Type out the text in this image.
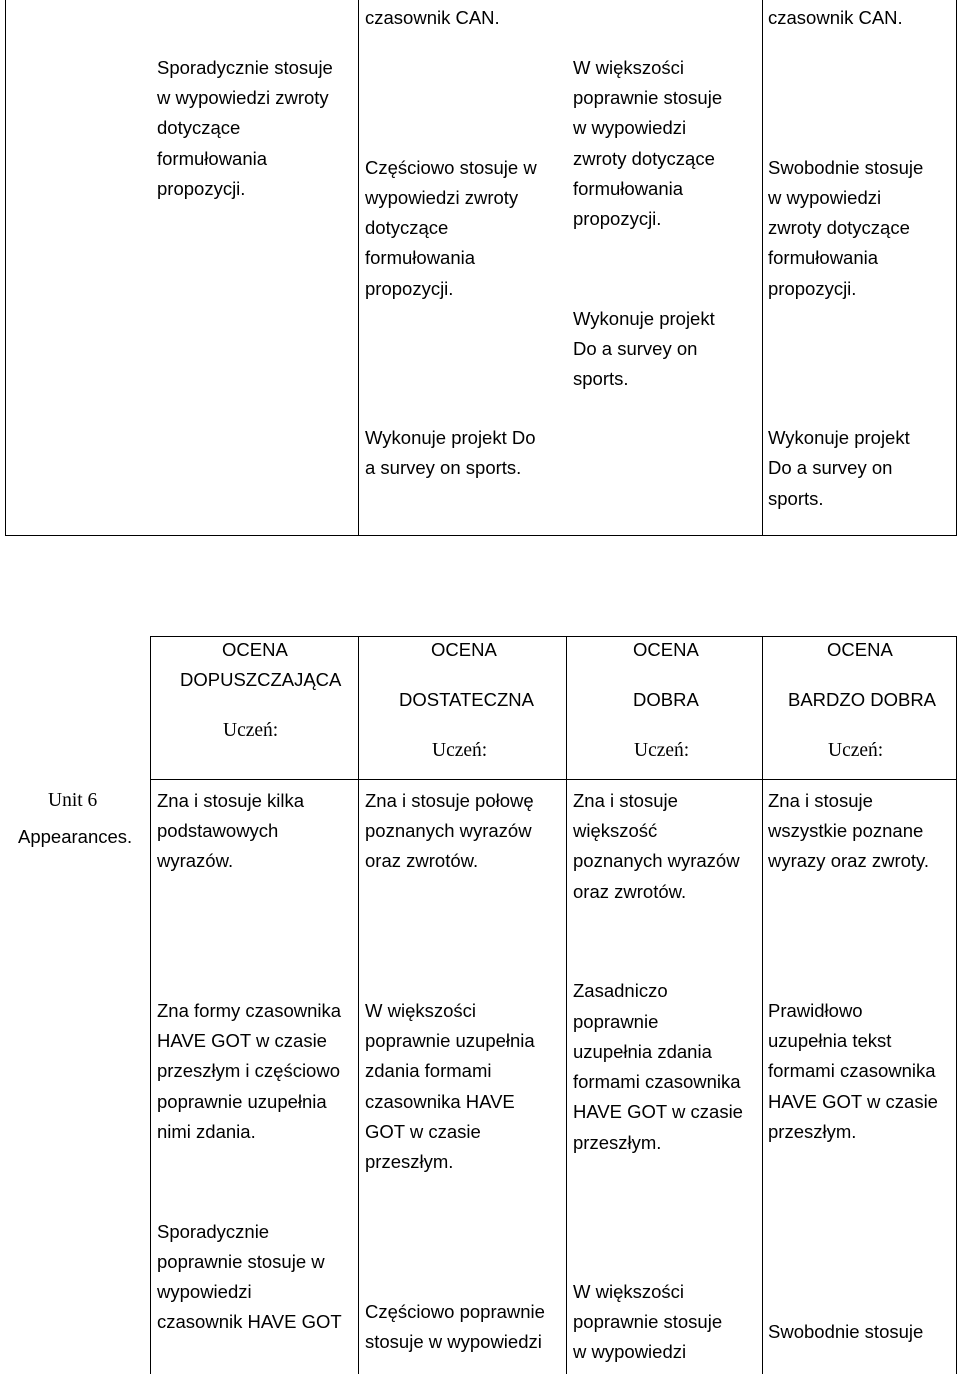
czasownik CAN.	czasownik CAN.
Sporadycznie stosuje
w wypowiedzi zwroty
dotyczące
formułowania
propozycji.
Częściowo stosuje w
wypowiedzi zwroty
dotyczące
formułowania
propozycji.
W większości
poprawnie stosuje
w wypowiedzi
zwroty dotyczące
formułowania
propozycji.
Wykonuje projekt
Do a survey on
sports.
Swobodnie stosuje
w wypowiedzi
zwroty dotyczące
formułowania
propozycji.
Wykonuje projekt Do
a survey on sports.
Wykonuje projekt
Do a survey on
sports.
OCENA
DOPUSZCZAJĄCA
Uczeń:
OCENA
DOSTATECZNA
Uczeń:
OCENA
DOBRA
Uczeń:
OCENA
BARDZO DOBRA
Uczeń:
Unit 6
Appearances.
Zna i stosuje kilka
podstawowych
wyrazów.
Zna i stosuje połowę
poznanych wyrazów
oraz zwrotów.
Zna i stosuje
większość
poznanych wyrazów
oraz zwrotów.
Zna i stosuje
wszystkie poznane
wyrazy oraz zwroty.
Zna formy czasownika
HAVE GOT w czasie
przeszłym i częściowo
poprawnie uzupełnia
nimi zdania.
W większości
poprawnie uzupełnia
zdania formami
czasownika HAVE
GOT w czasie
przeszłym.
Zasadniczo
poprawnie
uzupełnia zdania
formami czasownika
HAVE GOT w czasie
przeszłym.
Prawidłowo
uzupełnia tekst
formami czasownika
HAVE GOT w czasie
przeszłym.
Sporadycznie
poprawnie stosuje w
wypowiedzi
czasownik HAVE GOT Częściowo poprawnie
stosuje w wypowiedzi
W większości
poprawnie stosuje
w wypowiedzi
Swobodnie stosuje
